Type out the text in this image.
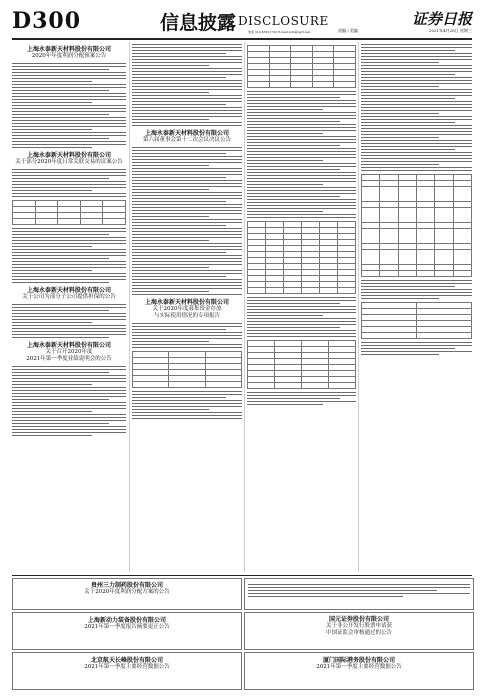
D300	信息披露 DISCLOSURE	证券日报
责编 / 美编	2021年4月28日 星期三
电话 010-83251730 E-mail zzlb@zqrb.net
上海永泰新天材料股份有限公司
2020年年度利润分配预案公告
上海永泰新天材料股份有限公司
关于部分2020年度日常关联交易的议案公告

上海永泰新天材料股份有限公司
关于公司为部分子公司提供担保的公告
上海永泰新天材料股份有限公司
关于召开2020年度
2021年第一季度业绩说明会的公告
上海永泰新天材料股份有限公司
第六届董事会第十二次会议决议公告
上海永泰新天材料股份有限公司
关于2020年度募集资金存放
与实际使用情况的专项报告

贵州三力制药股份有限公司
关于2020年度利润分配方案的公告
上海新动力装备股份有限公司
2021年第一季度报告摘要更正公告
国元证券股份有限公司
关于非公开发行股票申请获
中国证监会审核通过的公告
北京航天长峰股份有限公司
2021年第一季度主要经营数据公告
厦门国际港务股份有限公司
2021年第一季度主要经营数据公告
